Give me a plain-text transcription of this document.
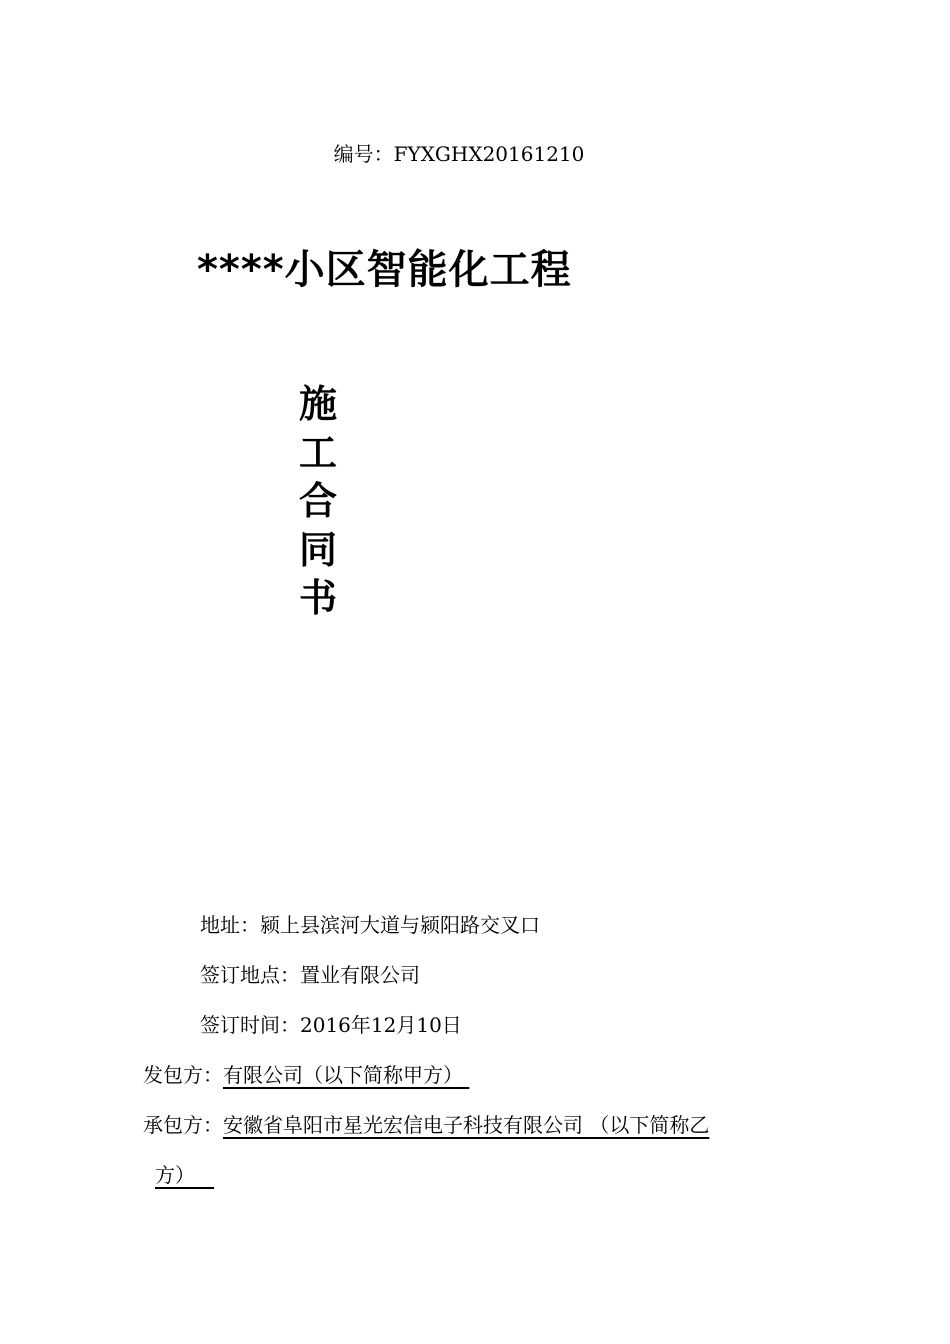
编号：FYXGHX20161210
****小区智能化工程
施
工
合
同
书
地址：颍上县滨河大道与颍阳路交叉口
签订地点：置业有限公司
签订时间：2016年12月10日
发包方：有限公司（以下简称甲方）
承包方：安徽省阜阳市星光宏信电子科技有限公司 （以下简称乙
方）
